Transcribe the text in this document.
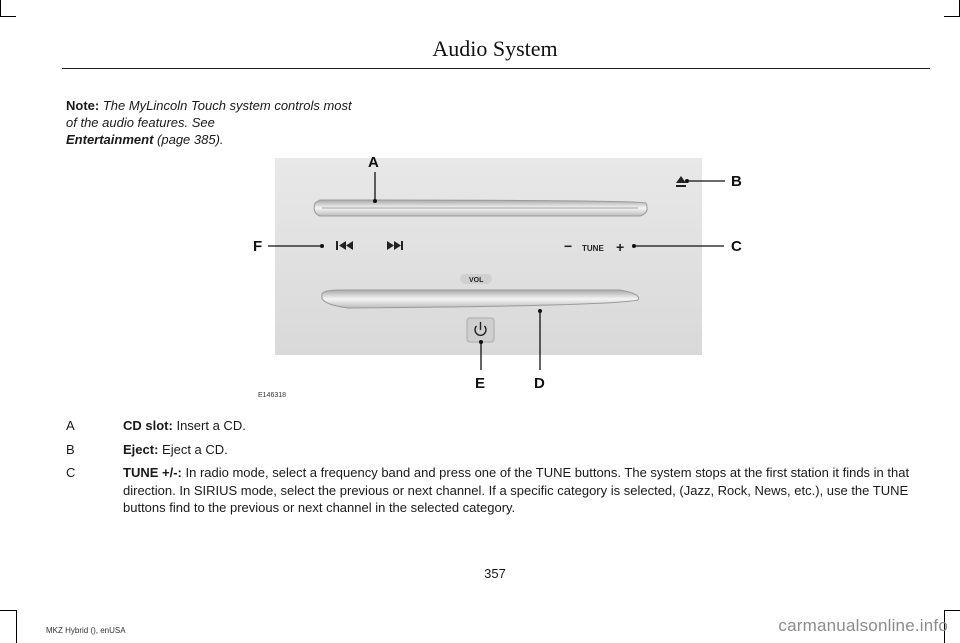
Audio System
Note: The MyLincoln Touch system controls most of the audio features. See
Entertainment (page 385).
− TUNE +
VOL
A
B
C
F
D
E
E146318
A	CD slot: Insert a CD.
B	Eject: Eject a CD.
C	TUNE +/-: In radio mode, select a frequency band and press one of the TUNE buttons. The system stops at the first station it finds in that direction. In SIRIUS mode, select the previous or next channel. If a specific category is selected, (Jazz, Rock, News, etc.), use the TUNE buttons find to the previous or next channel in the selected category.
357
MKZ Hybrid (), enUSA	carmanualsonline.info
